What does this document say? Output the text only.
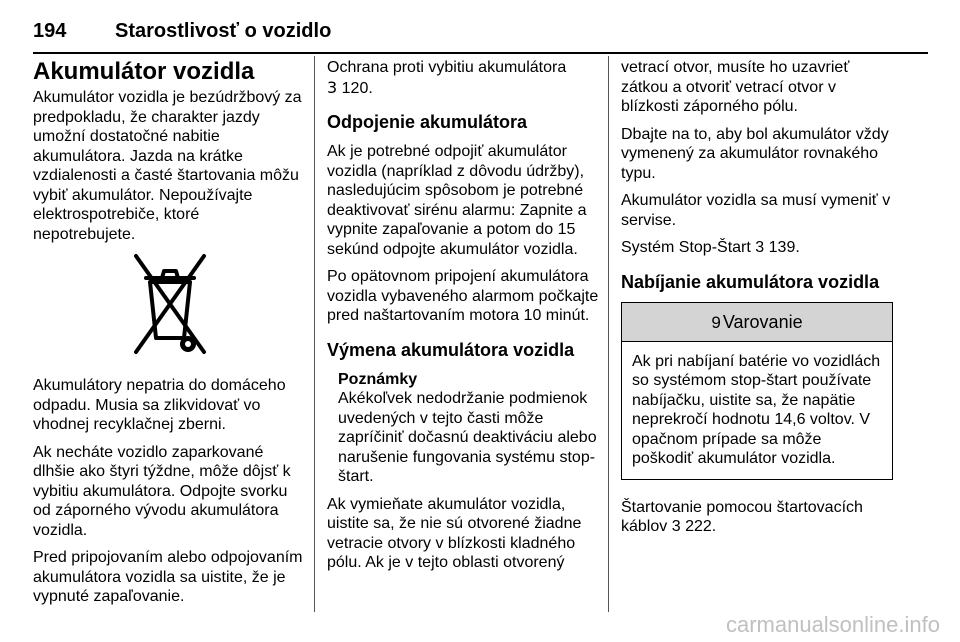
194 Starostlivosť o vozidlo
Akumulátor vozidla

Akumulátor vozidla je bezúdržbový za predpokladu, že charakter jazdy umožní dostatočné nabitie akumulátora. Jazda na krátke vzdialenosti a časté štartovania môžu vybiť akumulátor. Nepoužívajte elektrospotrebiče, ktoré nepotrebujete.

Akumulátory nepatria do domáceho odpadu. Musia sa zlikvidovať vo vhodnej recyklačnej zberni.

Ak necháte vozidlo zaparkované dlhšie ako štyri týždne, môže dôjsť k vybitiu akumulátora. Odpojte svorku od záporného vývodu akumulátora vozidla.

Pred pripojovaním alebo odpojovaním akumulátora vozidla sa uistite, že je vypnuté zapaľovanie.

Ochrana proti vybitiu akumulátora 3 120.

Odpojenie akumulátora

Ak je potrebné odpojiť akumulátor vozidla (napríklad z dôvodu údržby), nasledujúcim spôsobom je potrebné deaktivovať sirénu alarmu: Zapnite a vypnite zapaľovanie a potom do 15 sekúnd odpojte akumulátor vozidla.

Po opätovnom pripojení akumulátora vozidla vybaveného alarmom počkajte pred naštartovaním motora 10 minút.

Výmena akumulátora vozidla
Poznámky
Akékoľvek nedodržanie podmienok uvedených v tejto časti môže zapríčiniť dočasnú deaktiváciu alebo narušenie fungovania systému stop-štart.

Ak vymieňate akumulátor vozidla, uistite sa, že nie sú otvorené žiadne vetracie otvory v blízkosti kladného pólu. Ak je v tejto oblasti otvorený

vetrací otvor, musíte ho uzavrieť zátkou a otvoriť vetrací otvor v blízkosti záporného pólu.

Dbajte na to, aby bol akumulátor vždy vymenený za akumulátor rovnakého typu.

Akumulátor vozidla sa musí vymeniť v servise.

Systém Stop-Štart 3 139.

Nabíjanie akumulátora vozidla
9 Varovanie
Ak pri nabíjaní batérie vo vozidlách so systémom stop-štart používate nabíjačku, uistite sa, že napätie neprekročí hodnotu 14,6 voltov. V opačnom prípade sa môže poškodiť akumulátor vozidla.

Štartovanie pomocou štartovacích káblov 3 222.

carmanualsonline.info
